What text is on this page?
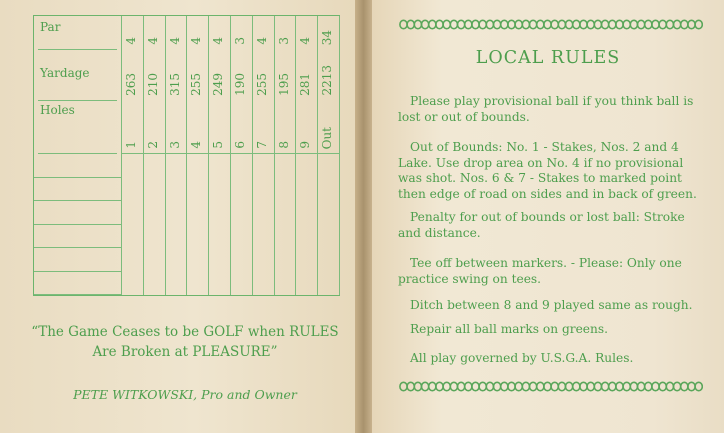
Par
Yardage
Holes
4
263
1
4
210
2
4
315
3
4
255
4
4
249
5
3
190
6
4
255
7
3
195
8
4
281
9
34
2213
Out
“The Game Ceases to be GOLF when RULES
Are Broken at PLEASURE”
PETE WITKOWSKI, Pro and Owner
LOCAL RULES
Please play provisional ball if you think ball is
lost or out of bounds.
Out of Bounds: No. 1 - Stakes, Nos. 2 and 4
Lake. Use drop area on No. 4 if no provisional
was shot. Nos. 6 & 7 - Stakes to marked point
then edge of road on sides and in back of green.
Penalty for out of bounds or lost ball: Stroke
and distance.
Tee off between markers. - Please: Only one
practice swing on tees.
Ditch between 8 and 9 played same as rough.
Repair all ball marks on greens.
All play governed by U.S.G.A. Rules.
